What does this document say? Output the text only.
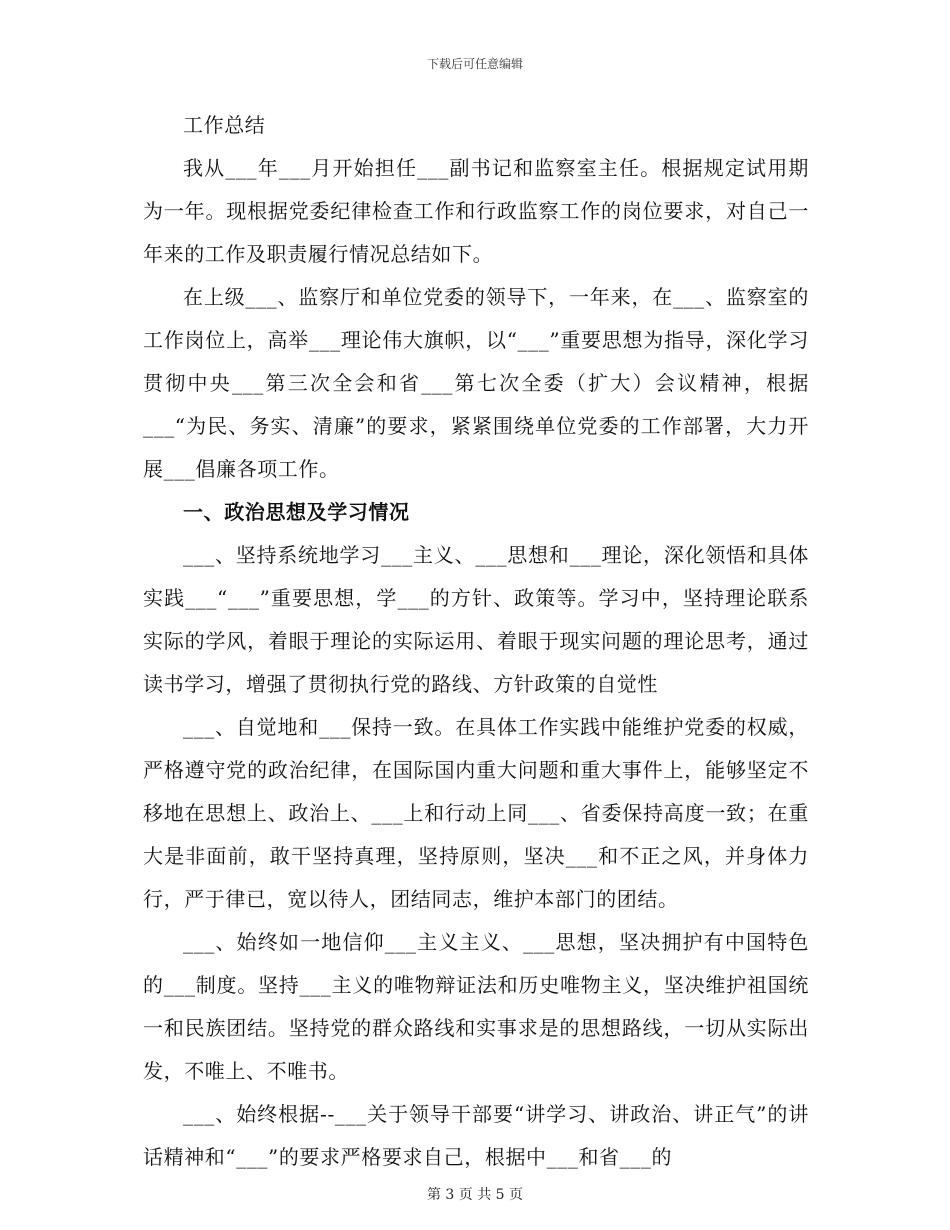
下载后可任意编辑

工作总结

我从___年___月开始担任___副书记和监察室主任。根据规定试用期为一年。现根据党委纪律检查工作和行政监察工作的岗位要求，对自己一年来的工作及职责履行情况总结如下。

在上级___、监察厅和单位党委的领导下，一年来，在___、监察室的工作岗位上，高举___理论伟大旗帜，以“___”重要思想为指导，深化学习贯彻中央___第三次全会和省___第七次全委（扩大）会议精神，根据___“为民、务实、清廉”的要求，紧紧围绕单位党委的工作部署，大力开展___倡廉各项工作。

一、政治思想及学习情况

___、坚持系统地学习___主义、___思想和___理论，深化领悟和具体实践___“___”重要思想，学___的方针、政策等。学习中，坚持理论联系实际的学风，着眼于理论的实际运用、着眼于现实问题的理论思考，通过读书学习，增强了贯彻执行党的路线、方针政策的自觉性

___、自觉地和___保持一致。在具体工作实践中能维护党委的权威，严格遵守党的政治纪律，在国际国内重大问题和重大事件上，能够坚定不移地在思想上、政治上、___上和行动上同___、省委保持高度一致；在重大是非面前，敢干坚持真理，坚持原则，坚决___和不正之风，并身体力行，严于律已，宽以待人，团结同志，维护本部门的团结。

___、始终如一地信仰___主义主义、___思想，坚决拥护有中国特色的___制度。坚持___主义的唯物辩证法和历史唯物主义，坚决维护祖国统一和民族团结。坚持党的群众路线和实事求是的思想路线，一切从实际出发，不唯上、不唯书。

___、始终根据--___关于领导干部要“讲学习、讲政治、讲正气”的讲话精神和“___”的要求严格要求自己，根据中___和省___的

第 3 页 共 5 页
